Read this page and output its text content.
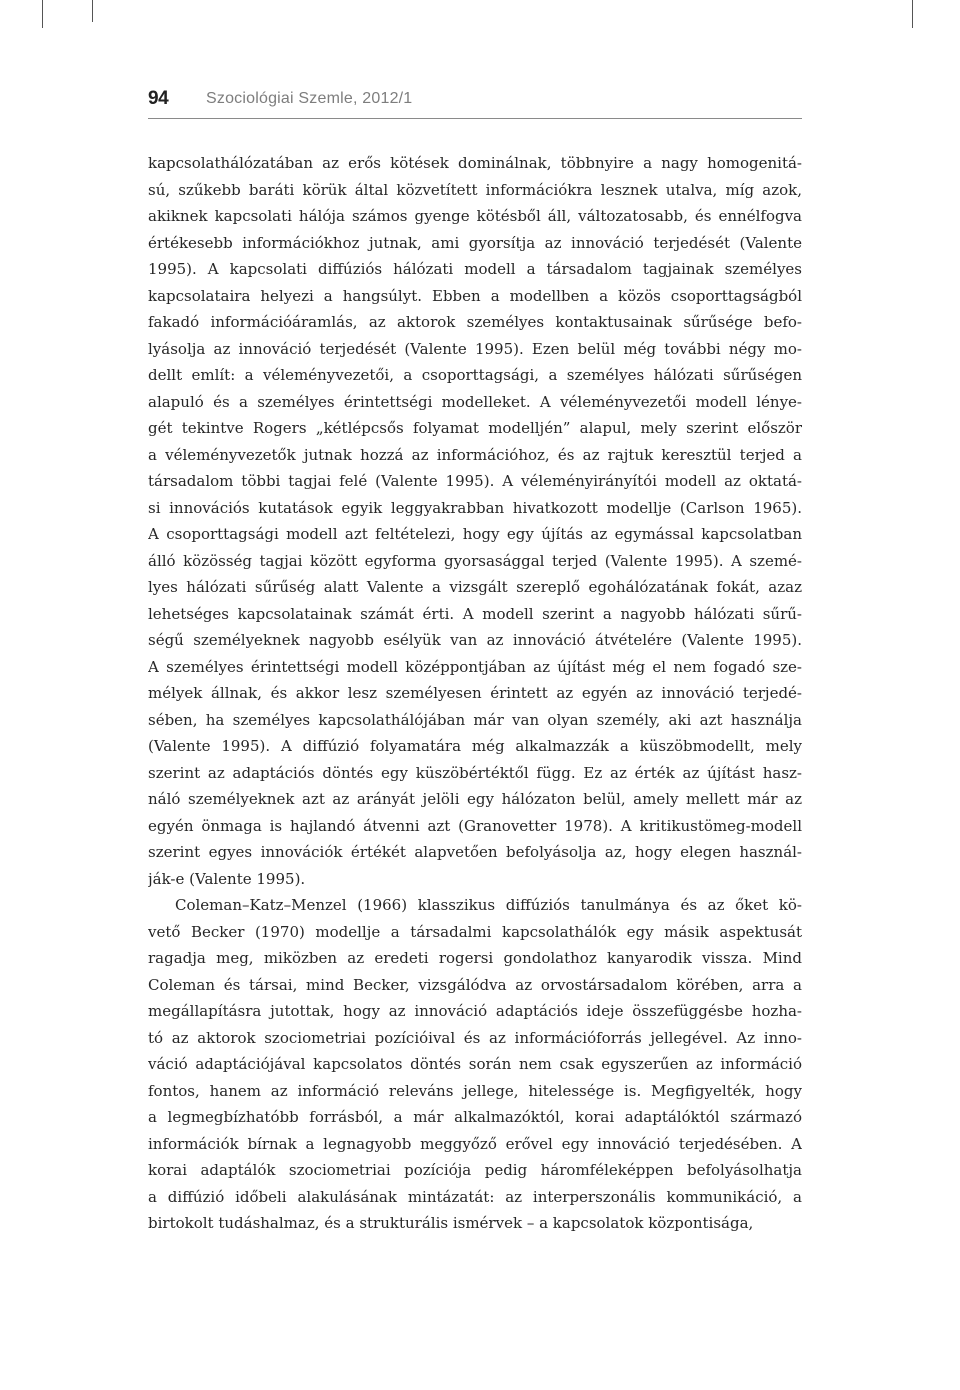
94 Szociológiai Szemle, 2012/1
kapcsolathálózatában az erős kötések dominálnak, többnyire a nagy homogenitá-
sú, szűkebb baráti körük által közvetített információkra lesznek utalva, míg azok,
akiknek kapcsolati hálója számos gyenge kötésből áll, változatosabb, és ennélfogva
értékesebb információkhoz jutnak, ami gyorsítja az innováció terjedését (Valente
1995). A kapcsolati diffúziós hálózati modell a társadalom tagjainak személyes
kapcsolataira helyezi a hangsúlyt. Ebben a modellben a közös csoporttagságból
fakadó információáramlás, az aktorok személyes kontaktusainak sűrűsége befo-
lyásolja az innováció terjedését (Valente 1995). Ezen belül még további négy mo-
dellt említ: a véleményvezetői, a csoporttagsági, a személyes hálózati sűrűségen
alapuló és a személyes érintettségi modelleket. A véleményvezetői modell lénye-
gét tekintve Rogers „kétlépcsős folyamat modelljén” alapul, mely szerint először
a véleményvezetők jutnak hozzá az információhoz, és az rajtuk keresztül terjed a
társadalom többi tagjai felé (Valente 1995). A véleményirányítói modell az oktatá-
si innovációs kutatások egyik leggyakrabban hivatkozott modellje (Carlson 1965).
A csoporttagsági modell azt feltételezi, hogy egy újítás az egymással kapcsolatban
álló közösség tagjai között egyforma gyorsasággal terjed (Valente 1995). A szemé-
lyes hálózati sűrűség alatt Valente a vizsgált szereplő egohálózatának fokát, azaz
lehetséges kapcsolatainak számát érti. A modell szerint a nagyobb hálózati sűrű-
ségű személyeknek nagyobb esélyük van az innováció átvételére (Valente 1995).
A személyes érintettségi modell középpontjában az újítást még el nem fogadó sze-
mélyek állnak, és akkor lesz személyesen érintett az egyén az innováció terjedé-
sében, ha személyes kapcsolathálójában már van olyan személy, aki azt használja
(Valente 1995). A diffúzió folyamatára még alkalmazzák a küszöbmodellt, mely
szerint az adaptációs döntés egy küszöbértéktől függ. Ez az érték az újítást hasz-
náló személyeknek azt az arányát jelöli egy hálózaton belül, amely mellett már az
egyén önmaga is hajlandó átvenni azt (Granovetter 1978). A kritikustömeg-modell
szerint egyes innovációk értékét alapvetően befolyásolja az, hogy elegen használ-
ják-e (Valente 1995).
Coleman–Katz–Menzel (1966) klasszikus diffúziós tanulmánya és az őket kö-
vető Becker (1970) modellje a társadalmi kapcsolathálók egy másik aspektusát
ragadja meg, miközben az eredeti rogersi gondolathoz kanyarodik vissza. Mind
Coleman és társai, mind Becker, vizsgálódva az orvostársadalom körében, arra a
megállapításra jutottak, hogy az innováció adaptációs ideje összefüggésbe hozha-
tó az aktorok szociometriai pozícióival és az információforrás jellegével. Az inno-
váció adaptációjával kapcsolatos döntés során nem csak egyszerűen az információ
fontos, hanem az információ releváns jellege, hitelessége is. Megfigyelték, hogy
a legmegbízhatóbb forrásból, a már alkalmazóktól, korai adaptálóktól származó
információk bírnak a legnagyobb meggyőző erővel egy innováció terjedésében. A
korai adaptálók szociometriai pozíciója pedig háromféleképpen befolyásolhatja
a diffúzió időbeli alakulásának mintázatát: az interperszonális kommunikáció, a
birtokolt tudáshalmaz, és a strukturális ismérvek – a kapcsolatok központisága,
